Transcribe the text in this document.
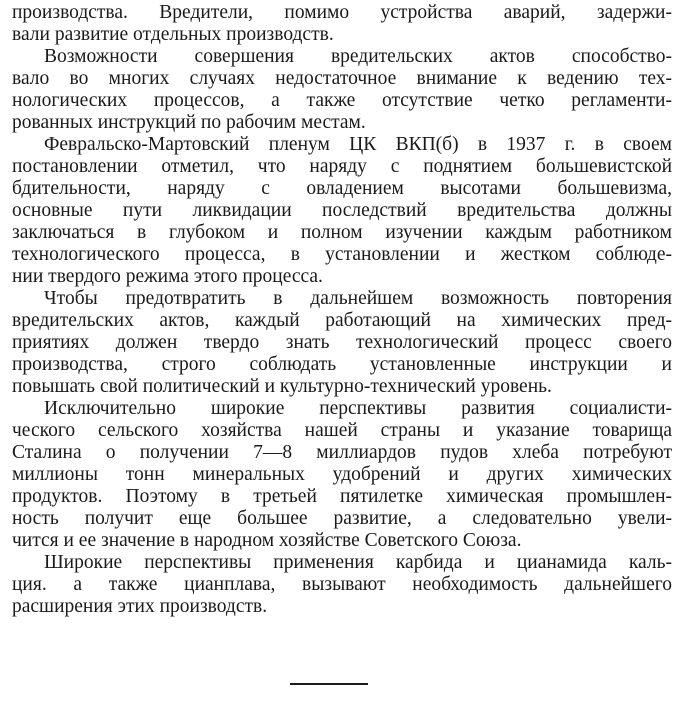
производства. Вредители, помимо устройства аварий, задержи-
вали развитие отдельных производств.
Возможности совершения вредительских актов способство-
вало во многих случаях недостаточное внимание к ведению тех-
нологических процессов, а также отсутствие четко регламенти-
рованных инструкций по рабочим местам.
Февральско-Мартовский пленум ЦК ВКП(б) в 1937 г. в своем
постановлении отметил, что наряду с поднятием большевистской
бдительности, наряду с овладением высотами большевизма,
основные пути ликвидации последствий вредительства должны
заключаться в глубоком и полном изучении каждым работником
технологического процесса, в установлении и жестком соблюде-
нии твердого режима этого процесса.
Чтобы предотвратить в дальнейшем возможность повторения
вредительских актов, каждый работающий на химических пред-
приятиях должен твердо знать технологический процесс своего
производства, строго соблюдать установленные инструкции и
повышать свой политический и культурно-технический уровень.
Исключительно широкие перспективы развития социалисти-
ческого сельского хозяйства нашей страны и указание товарища
Сталина о получении 7—8 миллиардов пудов хлеба потребуют
миллионы тонн минеральных удобрений и других химических
продуктов. Поэтому в третьей пятилетке химическая промышлен-
ность получит еще большее развитие, а следовательно увели-
чится и ее значение в народном хозяйстве Советского Союза.
Широкие перспективы применения карбида и цианамида каль-
ция. а также цианплава, вызывают необходимость дальнейшего
расширения этих производств.
